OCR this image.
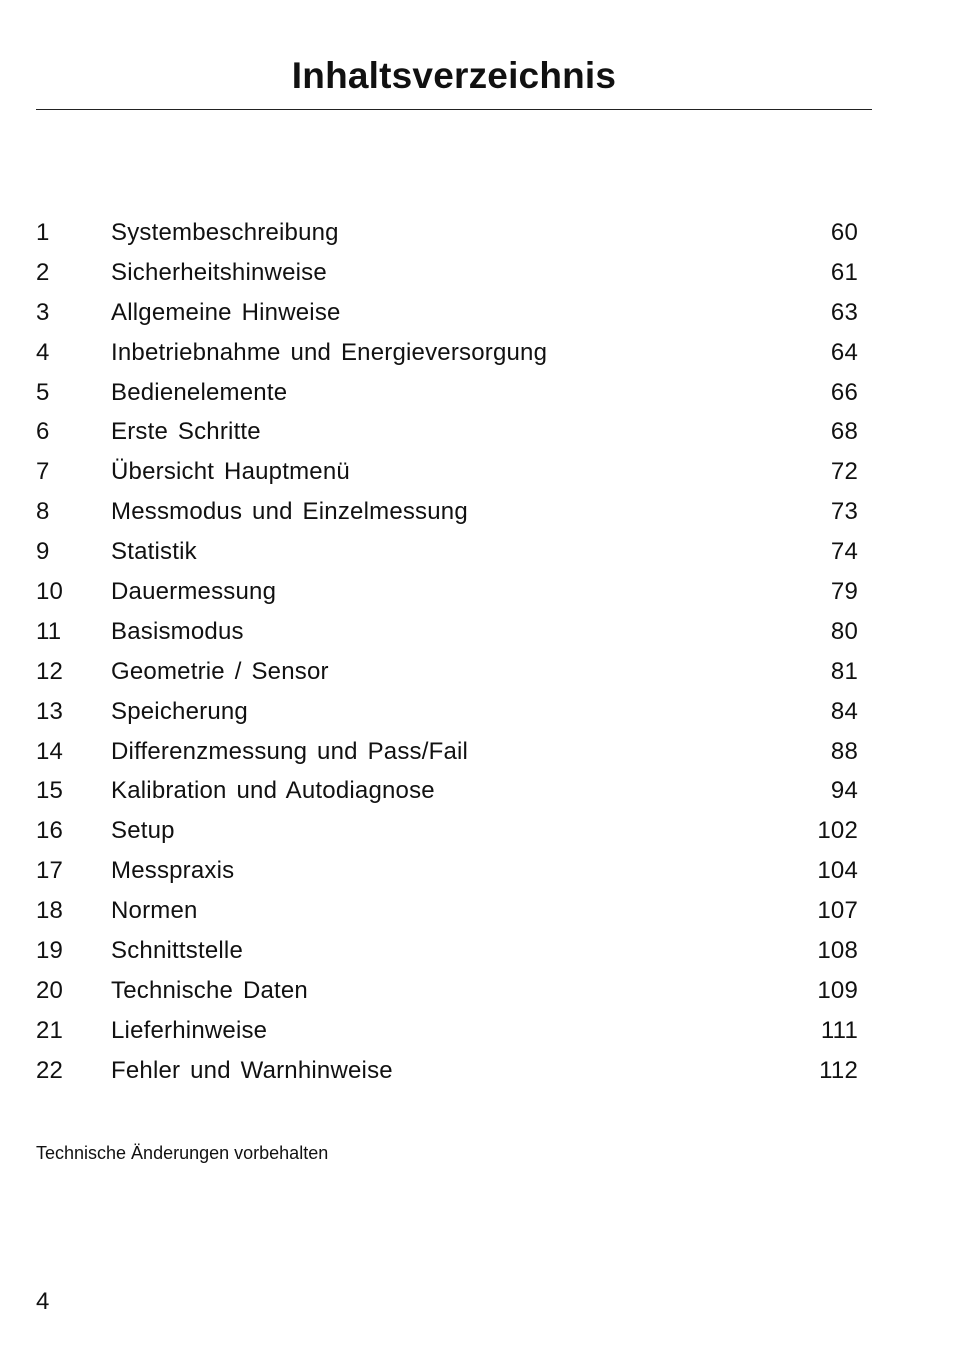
Inhaltsverzeichnis
1	Systembeschreibung	60
2	Sicherheitshinweise	61
3	Allgemeine Hinweise	63
4	Inbetriebnahme und Energieversorgung	64
5	Bedienelemente	66
6	Erste Schritte	68
7	Übersicht Hauptmenü	72
8	Messmodus und Einzelmessung	73
9	Statistik	74
10	Dauermessung	79
11	Basismodus	80
12	Geometrie / Sensor	81
13	Speicherung	84
14	Differenzmessung und Pass/Fail	88
15	Kalibration und Autodiagnose	94
16	Setup	102
17	Messpraxis	104
18	Normen	107
19	Schnittstelle	108
20	Technische Daten	109
21	Lieferhinweise	111
22	Fehler und Warnhinweise	112
Technische Änderungen vorbehalten
4
